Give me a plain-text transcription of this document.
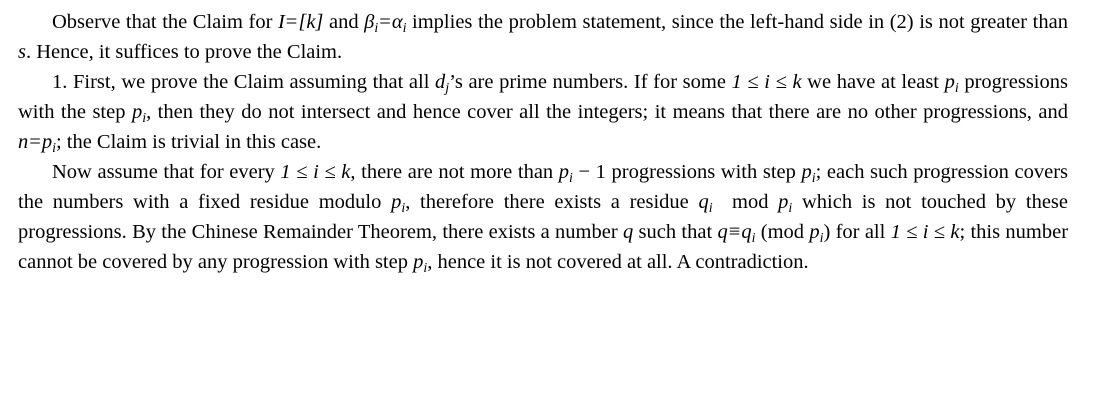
Observe that the Claim for I=[k] and $\beta_i=\alpha_i$ implies the problem statement, since the left-hand side in (2) is not greater than s. Hence, it suffices to prove the Claim.

1. First, we prove the Claim assuming that all $d_j’s$ are prime numbers. If for some 1 ≤ i ≤ k we have at least $p_i$ progressions with the step $p_i$, then they do not intersect and hence cover all the integers; it means that there are no other progressions, and $n=p_i$; the Claim is trivial in this case.

Now assume that for every 1 ≤ i ≤ k, there are not more than $p_i - 1$ progressions with step $p_i$; each such progression covers the numbers with a fixed residue modulo $p_i$, therefore there exists a residue $q_i$ mod $p_i$ which is not touched by these progressions. By the Chinese Remainder Theorem, there exists a number q such that $q\equiv q_i$ (mod $p_i$) for all 1 ≤ i ≤ k; this number cannot be covered by any progression with step $p_i$, hence it is not covered at all. A contradiction.
